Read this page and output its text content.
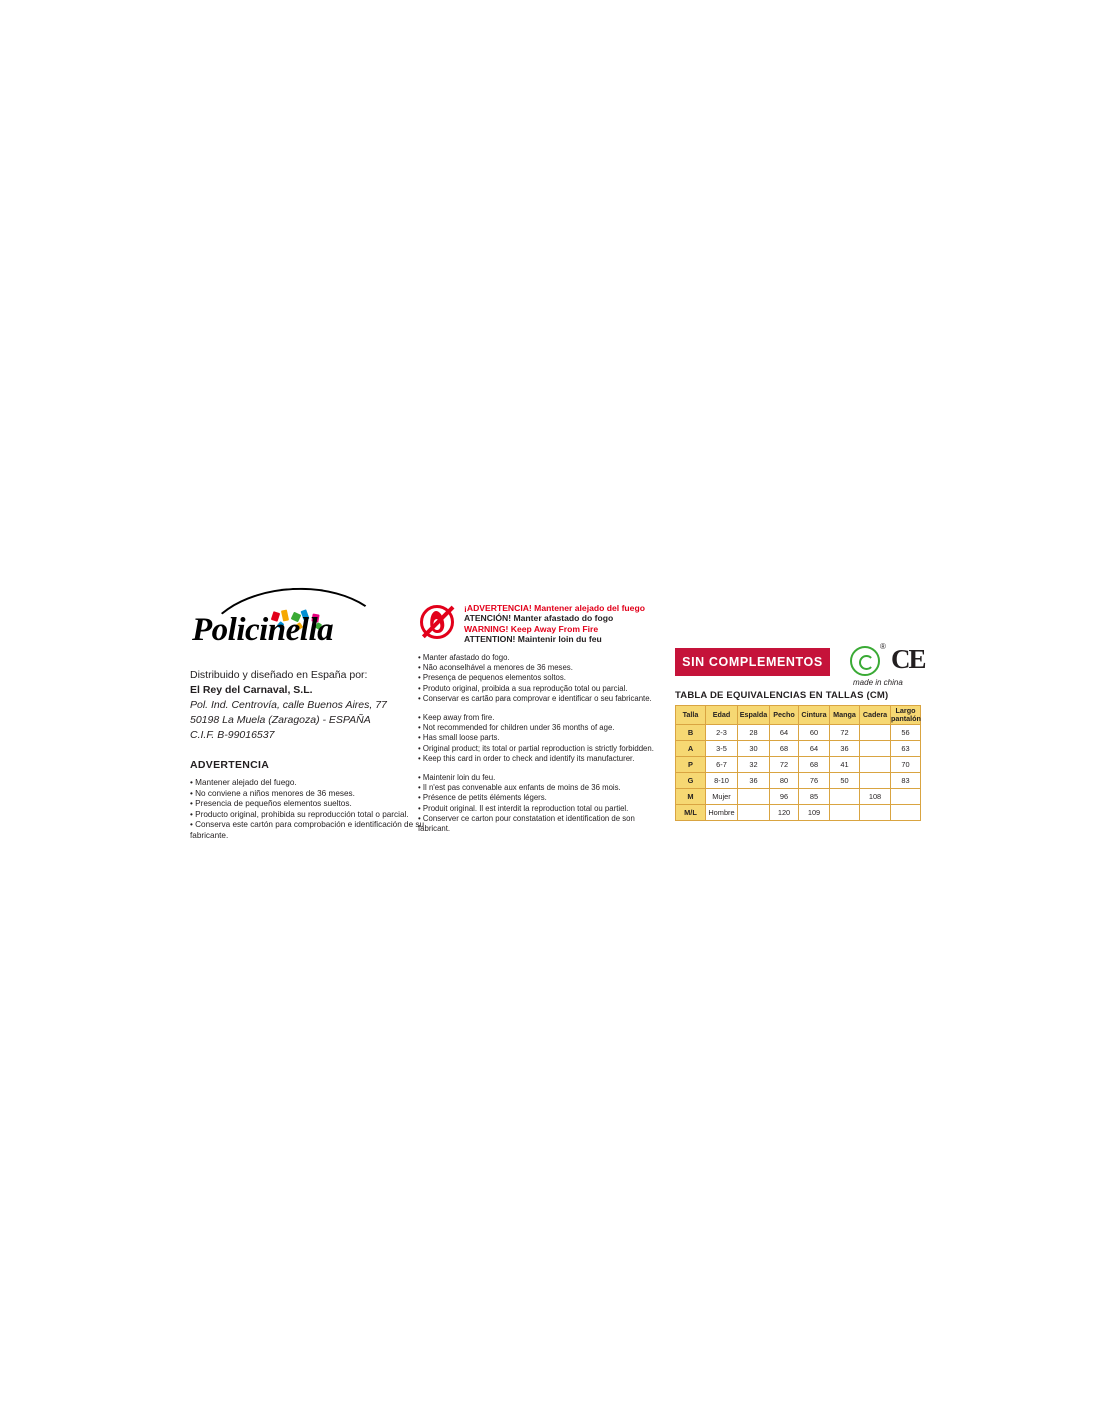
Policinella
Distribuido y diseñado en España por:
El Rey del Carnaval, S.L.
Pol. Ind. Centrovía, calle Buenos Aires, 77
50198 La Muela (Zaragoza) - ESPAÑA
C.I.F. B-99016537
ADVERTENCIA
• Mantener alejado del fuego.
• No conviene a niños menores de 36 meses.
• Presencia de pequeños elementos sueltos.
• Producto original, prohibida su reproducción total o parcial.
• Conserva este cartón para comprobación e identificación de su fabricante.
¡ADVERTENCIA! Mantener alejado del fuego
ATENCIÓN! Manter afastado do fogo
WARNING! Keep Away From Fire
ATTENTION! Maintenir loin du feu
• Manter afastado do fogo.
• Não aconselhável a menores de 36 meses.
• Presença de pequenos elementos soltos.
• Produto original, proibida a sua reprodução total ou parcial.
• Conservar es cartão para comprovar e identificar o seu fabricante.
• Keep away from fire.
• Not recommended for children under 36 months of age.
• Has small loose parts.
• Original product; its total or partial reproduction is strictly forbidden.
• Keep this card in order to check and identify its manufacturer.
• Maintenir loin du feu.
• Il n'est pas convenable aux enfants de moins de 36 mois.
• Présence de petits éléments légers.
• Produit original. Il est interdit la reproduction total ou partiel.
• Conserver ce carton pour constatation et identification de son fabricant.
SIN COMPLEMENTOS
® CE
made in china
TABLA DE EQUIVALENCIAS EN TALLAS (CM)
Talla	Edad	Espalda	Pecho	Cintura	Manga	Cadera	Largo pantalón
B	2-3	28	64	60	72		56
A	3-5	30	68	64	36		63
P	6-7	32	72	68	41		70
G	8-10	36	80	76	50		83
M	Mujer		96	85		108	
M/L	Hombre		120	109			
